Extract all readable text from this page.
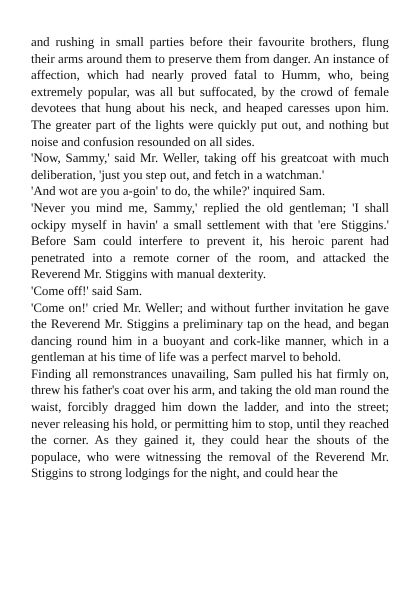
and rushing in small parties before their favourite brothers, flung their arms around them to preserve them from danger. An instance of affection, which had nearly proved fatal to Humm, who, being extremely popular, was all but suffocated, by the crowd of female devotees that hung about his neck, and heaped caresses upon him. The greater part of the lights were quickly put out, and nothing but noise and confusion resounded on all sides.

'Now, Sammy,' said Mr. Weller, taking off his greatcoat with much deliberation, 'just you step out, and fetch in a watchman.'

'And wot are you a-goin' to do, the while?' inquired Sam.

'Never you mind me, Sammy,' replied the old gentleman; 'I shall ockipy myself in havin' a small settlement with that 'ere Stiggins.' Before Sam could interfere to prevent it, his heroic parent had penetrated into a remote corner of the room, and attacked the Reverend Mr. Stiggins with manual dexterity.

'Come off!' said Sam.

'Come on!' cried Mr. Weller; and without further invitation he gave the Reverend Mr. Stiggins a preliminary tap on the head, and began dancing round him in a buoyant and cork-like manner, which in a gentleman at his time of life was a perfect marvel to behold.

Finding all remonstrances unavailing, Sam pulled his hat firmly on, threw his father's coat over his arm, and taking the old man round the waist, forcibly dragged him down the ladder, and into the street; never releasing his hold, or permitting him to stop, until they reached the corner. As they gained it, they could hear the shouts of the populace, who were witnessing the removal of the Reverend Mr. Stiggins to strong lodgings for the night, and could hear the
